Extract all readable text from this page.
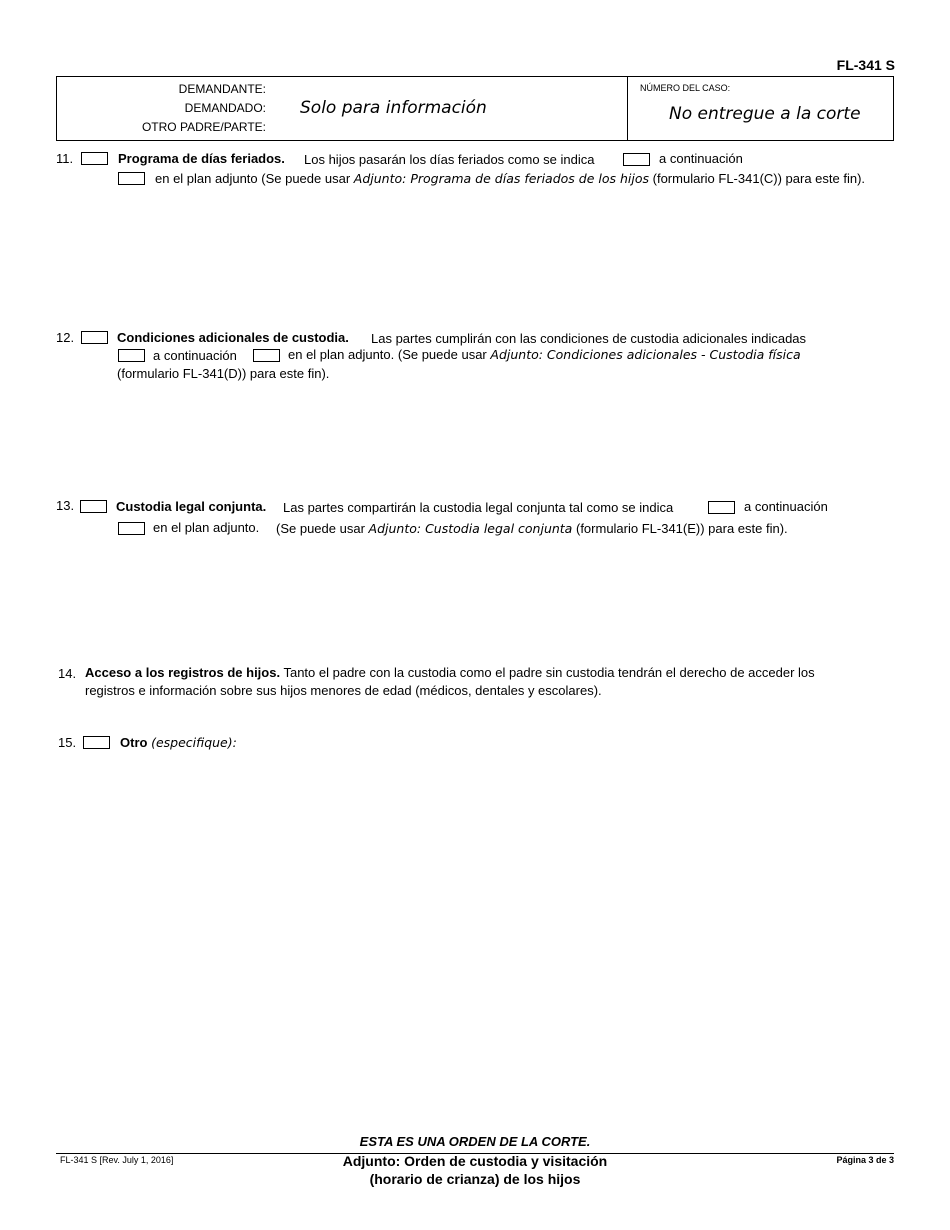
FL-341 S
DEMANDANTE:
DEMANDADO:
OTRO PADRE/PARTE:
Solo para información
NÚMERO DEL CASO:
No entregue a la corte
11.	Programa de días feriados. Los hijos pasarán los días feriados como se indica	a continuación
en el plan adjunto (Se puede usar Adjunto: Programa de días feriados de los hijos (formulario FL-341(C)) para este fin).
12.	Condiciones adicionales de custodia. Las partes cumplirán con las condiciones de custodia adicionales indicadas
a continuación	en el plan adjunto. (Se puede usar Adjunto: Condiciones adicionales - Custodia física
(formulario FL-341(D)) para este fin).
13.	Custodia legal conjunta. Las partes compartirán la custodia legal conjunta tal como se indica	a continuación
en el plan adjunto. (Se puede usar Adjunto: Custodia legal conjunta (formulario FL-341(E)) para este fin).
14. Acceso a los registros de hijos. Tanto el padre con la custodia como el padre sin custodia tendrán el derecho de acceder los
registros e información sobre sus hijos menores de edad (médicos, dentales y escolares).
15.	Otro (especifique):
ESTA ES UNA ORDEN DE LA CORTE.
FL-341 S [Rev. July 1, 2016]	Adjunto: Orden de custodia y visitación
(horario de crianza) de los hijos
Página 3 de 3
